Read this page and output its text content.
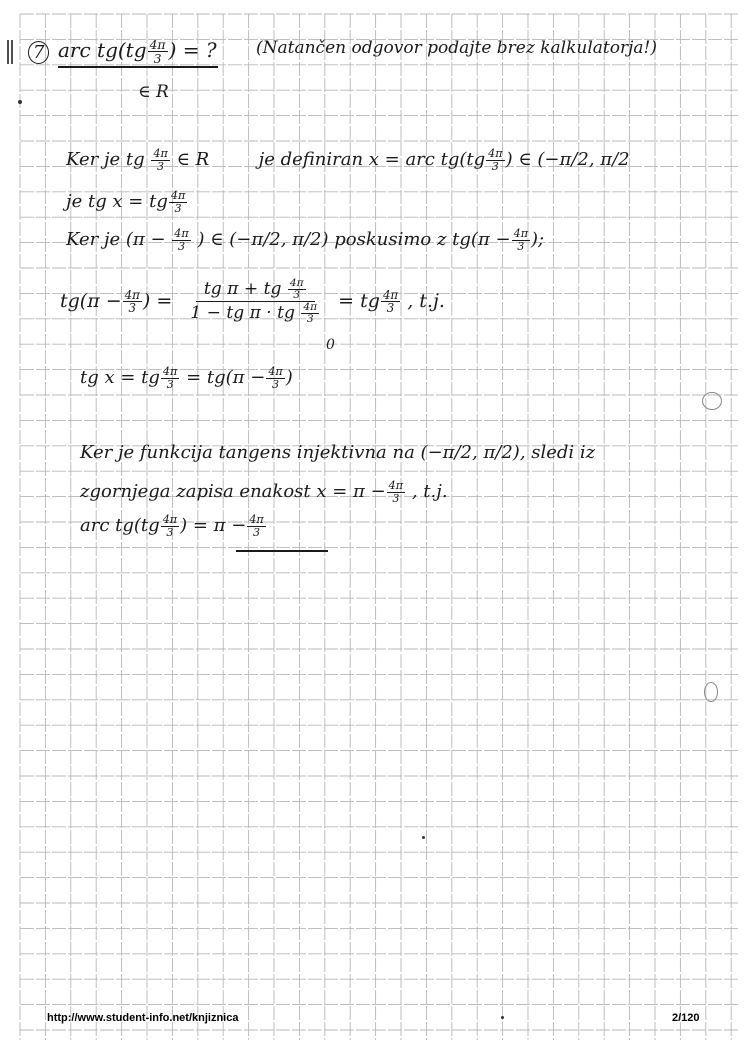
7 arc $tg(tg \frac{4\pi}{3}$ ) = ?
∈ R
(Natančen odgovor podajte brez kalkulatorja!)
Ker je tg $\frac{4\pi}{3}$ ∈ R	je definiran x = arc $tg(tg \frac{4\pi}{3}$ ) ∈ (−π/2, π/2
je tg x = tg $\frac{4\pi}{3}$
Ker je ($\pi - \frac{4\pi}{3}$ ) ∈ (−π/2, π/2) poskusimo z $tg(\pi - \frac{4\pi}{3}$ );
$tg(\pi - \frac{4\pi}{3}$ ) = $\frac{tg \pi + tg \frac{4\pi}{3}}{1 - tg \pi \cdot tg \frac{4\pi}{3}}$ = tg $\frac{4\pi}{3}$ , t.j.
0
tg x = tg $\frac{4\pi}{3} = tg(\pi - \frac{4\pi}{3}$ )
Ker je funkcija tangens injektivna na (−π/2, π/2), sledi iz
zgornjega zapisa enakost $x = \pi - \frac{4\pi}{3}$ , t.j.
arc $tg(tg \frac{4\pi}{3}$ ) = $\pi - \frac{4\pi}{3}$
http://www.student-info.net/knjiznica	2/120
